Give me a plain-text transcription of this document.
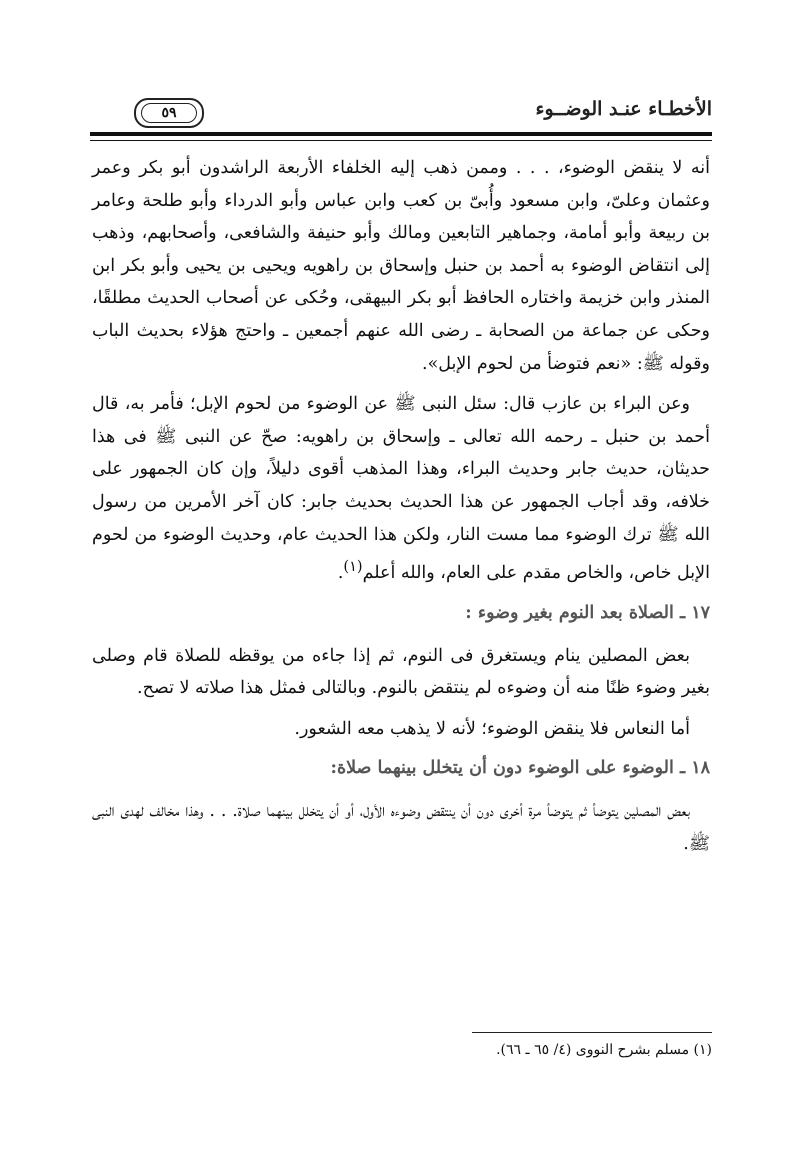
الأخطـاء عنـد الوضــوء
٥٩

أنه لا ينقض الوضوء، . . . وممن ذهب إليه الخلفاء الأربعة الراشدون أبو بكر وعمر وعثمان وعلىّ، وابن مسعود وأُبىّ بن كعب وابن عباس وأبو الدرداء وأبو طلحة وعامر بن ربيعة وأبو أمامة، وجماهير التابعين ومالك وأبو حنيفة والشافعى، وأصحابهم، وذهب إلى انتقاض الوضوء به أحمد بن حنبل وإسحاق بن راهويه ويحيى بن يحيى وأبو بكر ابن المنذر وابن خزيمة واختاره الحافظ أبو بكر البيهقى، وحُكى عن أصحاب الحديث مطلقًا، وحكى عن جماعة من الصحابة ـ رضى الله عنهم أجمعين ـ واحتج هؤلاء بحديث الباب وقوله ﷺ: «نعم فتوضأ من لحوم الإبل».

وعن البراء بن عازب قال: سئل النبى ﷺ عن الوضوء من لحوم الإبل؛ فأمر به، قال أحمد بن حنبل ـ رحمه الله تعالى ـ وإسحاق بن راهويه: صحّ عن النبى ﷺ فى هذا حديثان، حديث جابر وحديث البراء، وهذا المذهب أقوى دليلاً، وإن كان الجمهور على خلافه، وقد أجاب الجمهور عن هذا الحديث بحديث جابر: كان آخر الأمرين من رسول الله ﷺ ترك الوضوء مما مست النار، ولكن هذا الحديث عام، وحديث الوضوء من لحوم الإبل خاص، والخاص مقدم على العام، والله أعلم$^{(١)}$.

١٧ ـ الصلاة بعد النوم بغير وضوء :

بعض المصلين ينام ويستغرق فى النوم، ثم إذا جاءه من يوقظه للصلاة قام وصلى بغير وضوء ظنًا منه أن وضوءه لم ينتقض بالنوم. وبالتالى فمثل هذا صلاته لا تصح.

أما النعاس فلا ينقض الوضوء؛ لأنه لا يذهب معه الشعور.

١٨ ـ الوضوء على الوضوء دون أن يتخلل بينهما صلاة:

بعض المصلين يتوضأ ثم يتوضأ مرة أخرى دون أن ينتقض وضوءه الأول، أو أن يتخلل بينهما صلاة. . . وهذا مخالف لهدى النبى ﷺ.

(١) مسلم بشرح النووى (٤/ ٦٥ ـ ٦٦).
